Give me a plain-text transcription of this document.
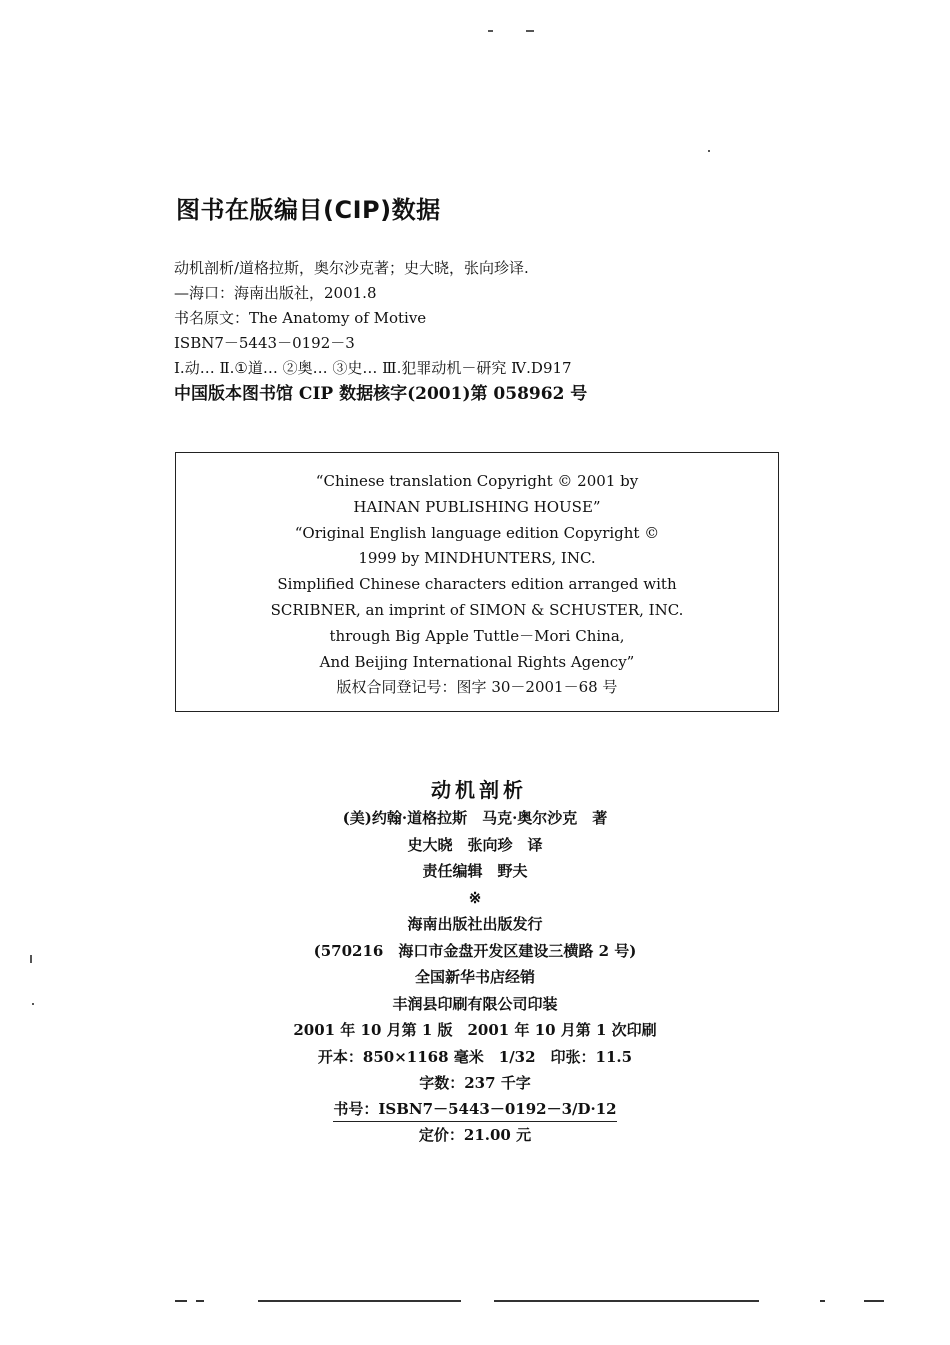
图书在版编目(CIP)数据
动机剖析/道格拉斯，奥尔沙克著；史大晓，张向珍译.
—海口：海南出版社，2001.8
书名原文：The Anatomy of Motive
ISBN7－5443－0192－3
Ⅰ.动… Ⅱ.①道… ②奥… ③史… Ⅲ.犯罪动机－研究 Ⅳ.D917
中国版本图书馆 CIP 数据核字(2001)第 058962 号
“Chinese translation Copyright © 2001 by
HAINAN PUBLISHING HOUSE”
“Original English language edition Copyright ©
1999 by MINDHUNTERS, INC.
Simplified Chinese characters edition arranged with
SCRIBNER, an imprint of SIMON & SCHUSTER, INC.
through Big Apple Tuttle－Mori China,
And Beijing International Rights Agency”
版权合同登记号：图字 30－2001－68 号
动机剖析
(美)约翰·道格拉斯　马克·奥尔沙克　著
史大晓　张向珍　译
责任编辑　野夫
※
海南出版社出版发行
(570216　海口市金盘开发区建设三横路 2 号)
全国新华书店经销
丰润县印刷有限公司印装
2001 年 10 月第 1 版　2001 年 10 月第 1 次印刷
开本：850×1168 毫米　1/32　印张：11.5
字数：237 千字
书号：ISBN7－5443－0192－3/D·12
定价：21.00 元
